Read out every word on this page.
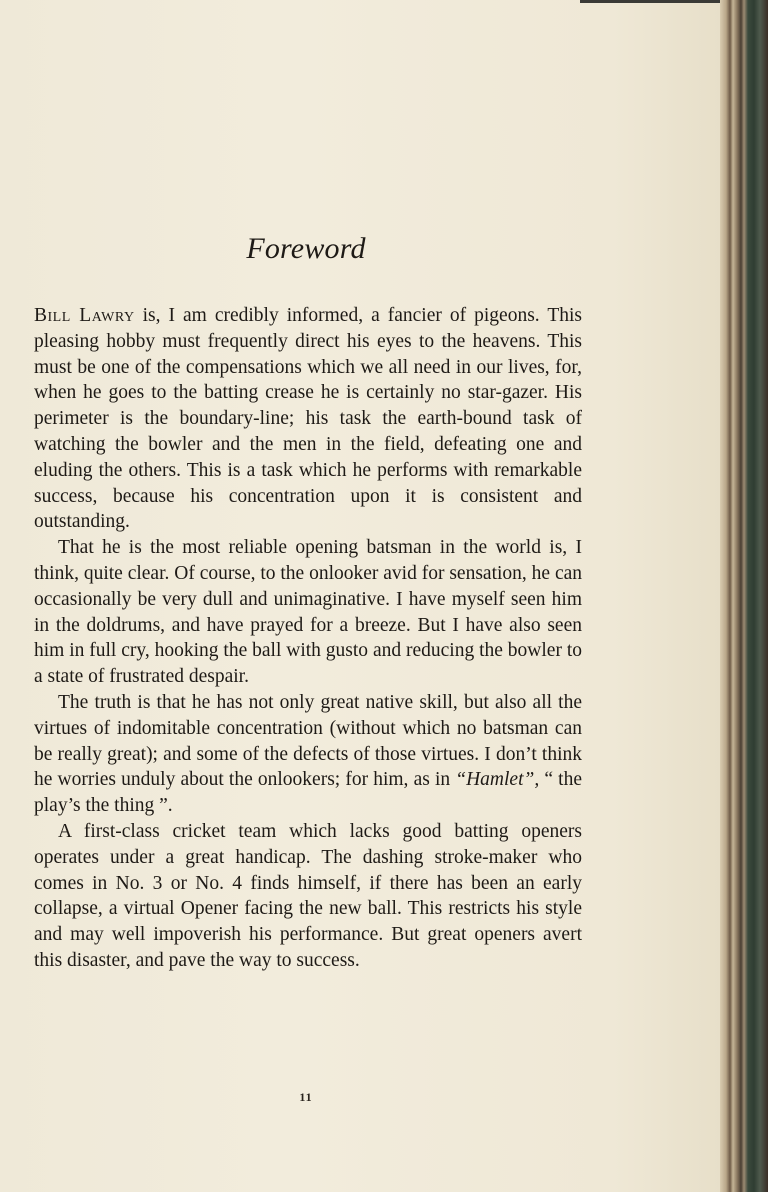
Foreword

Bill Lawry is, I am credibly informed, a fancier of pigeons. This pleasing hobby must frequently direct his eyes to the heavens. This must be one of the compensations which we all need in our lives, for, when he goes to the batting crease he is certainly no star-gazer. His perimeter is the boundary-line; his task the earth-bound task of watching the bowler and the men in the field, defeating one and eluding the others. This is a task which he performs with remarkable success, because his concentration upon it is consistent and outstanding.

That he is the most reliable opening batsman in the world is, I think, quite clear. Of course, to the onlooker avid for sensation, he can occasionally be very dull and unimaginative. I have myself seen him in the doldrums, and have prayed for a breeze. But I have also seen him in full cry, hooking the ball with gusto and reducing the bowler to a state of frustrated despair.

The truth is that he has not only great native skill, but also all the virtues of indomitable concentration (without which no batsman can be really great); and some of the defects of those virtues. I don’t think he worries unduly about the onlookers; for him, as in “Hamlet”, “ the play’s the thing ”.

A first-class cricket team which lacks good batting openers operates under a great handicap. The dashing stroke-maker who comes in No. 3 or No. 4 finds himself, if there has been an early collapse, a virtual Opener facing the new ball. This restricts his style and may well impoverish his performance. But great openers avert this disaster, and pave the way to success.

11
